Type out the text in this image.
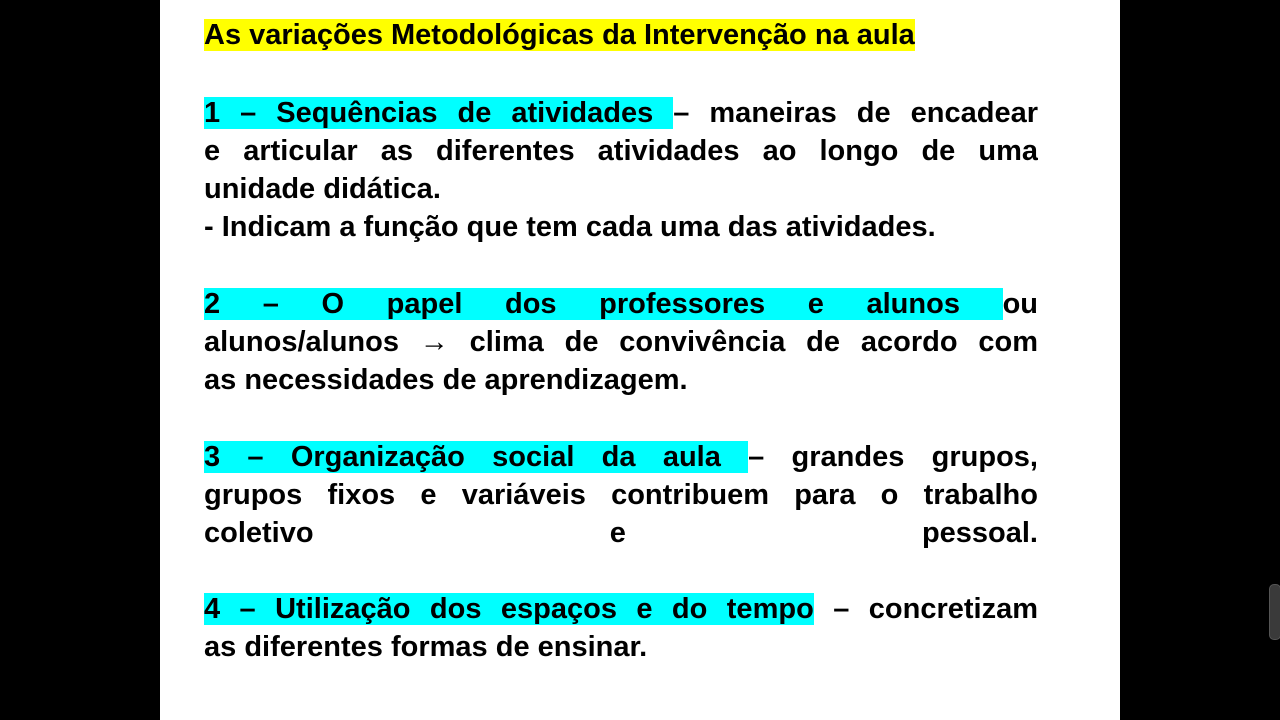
As variações Metodológicas da Intervenção na aula
1 – Sequências de atividades – maneiras de encadear
e articular as diferentes atividades ao longo de uma
unidade didática.
- Indicam a função que tem cada uma das atividades.
2 – O papel dos professores e alunos ou
alunos/alunos → clima de convivência de acordo com
as necessidades de aprendizagem.
3 – Organização social da aula – grandes grupos,
grupos fixos e variáveis contribuem para o trabalho
coletivo e pessoal.
4 – Utilização dos espaços e do tempo – concretizam
as diferentes formas de ensinar.
